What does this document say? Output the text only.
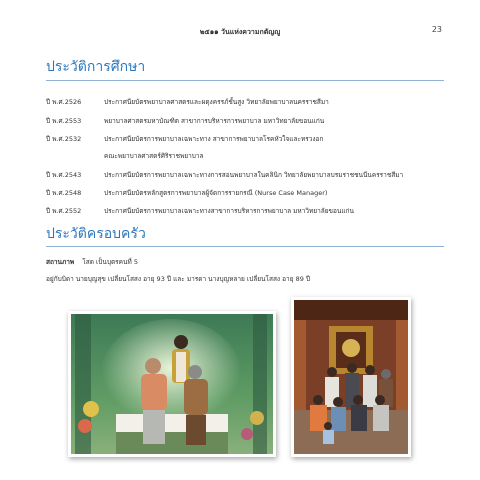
๒๕๑๑ วันแห่งความกตัญญู	23
ประวัติการศึกษา
ปี พ.ศ.2526	ประกาศนียบัตรพยาบาลศาสตรและผดุงครรภ์ชั้นสูง วิทยาลัยพยาบาลนครราชสีมา
ปี พ.ศ.2553	พยาบาลศาสตรมหาบัณฑิต สาขาการบริหารการพยาบาล มหาวิทยาลัยขอนแก่น
ปี พ.ศ.2532	ประกาศนียบัตรการพยาบาลเฉพาะทาง สาขาการพยาบาลโรคหัวใจและทรวงอก
คณะพยาบาลศาสตร์ศิริราชพยาบาล
ปี พ.ศ.2543	ประกาศนียบัตรการพยาบาลเฉพาะทางการสอนพยาบาลในคลินิก วิทยาลัยพยาบาลบรมราชชนนีนครราชสีมา
ปี พ.ศ.2548	ประกาศนียบัตรหลักสูตรการพยาบาลผู้จัดการรายกรณี (Nurse Case Manager)
ปี พ.ศ.2552	ประกาศนียบัตรการพยาบาลเฉพาะทางสาขาการบริหารการพยาบาล มหาวิทยาลัยขอนแก่น
ประวัติครอบครัว
สถานภาพ โสด เป็นบุตรคนที่ 5
อยู่กับบิดา นายบุญสุข เปลี่ยนโสสง อายุ 93 ปี และ มารดา นางบุญหลาย เปลี่ยนโสสง อายุ 89 ปี
